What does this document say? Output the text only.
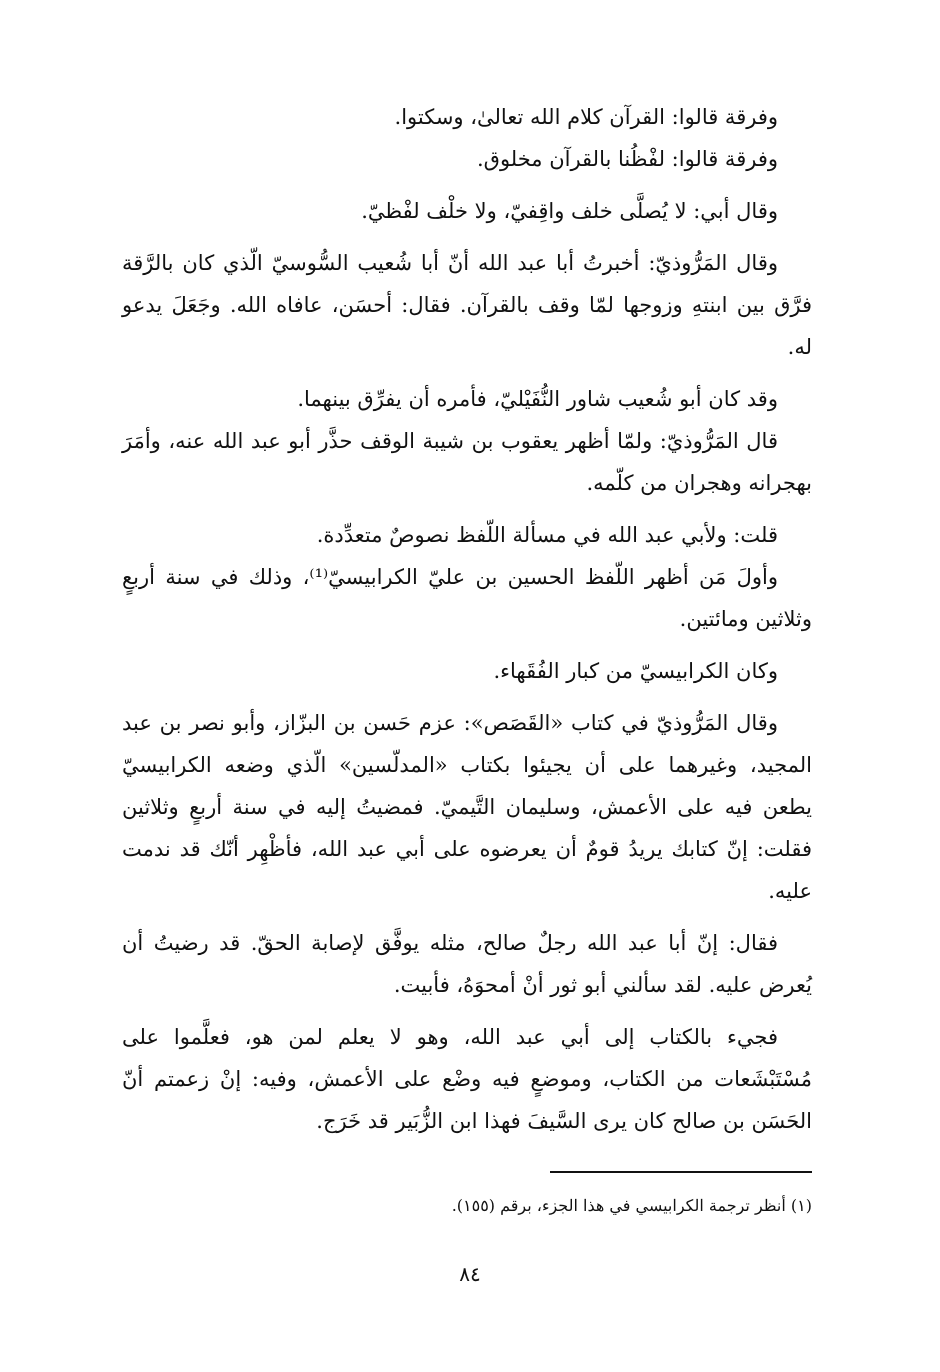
وفرقة قالوا: القرآن كلام الله تعالىٰ، وسكتوا.

وفرقة قالوا: لفْظُنا بالقرآن مخلوق.

وقال أبي: لا يُصلَّى خلف واقِفيّ، ولا خلْف لفْظيّ.

وقال المَرُّوذيّ: أخبرتُ أبا عبد الله أنّ أبا شُعيب السُّوسيّ الّذي كان بالرَّقة فرَّق بين ابنتهِ وزوجها لمّا وقف بالقرآن. فقال: أحسَن، عافاه الله. وجَعَلَ يدعو له.

وقد كان أبو شُعيب شاور النُّفَيْليّ، فأمره أن يفرِّق بينهما.

قال المَرُّوذيّ: ولمّا أظهر يعقوب بن شيبة الوقف حذَّر أبو عبد الله عنه، وأمَرَ بهجرانه وهجران من كلّمه.

قلت: ولأبي عبد الله في مسألة اللّفظ نصوصٌ متعدِّدة.

وأولَ مَن أظهر اللّفظ الحسين بن عليّ الكرابيسيّ⁽¹⁾، وذلك في سنة أربعٍ وثلاثين ومائتين.

وكان الكرابيسيّ من كبار الفُقَهاء.

وقال المَرُّوذيّ في كتاب «القَصَص»: عزم حَسن بن البزّاز، وأبو نصر بن عبد المجيد، وغيرهما على أن يجيئوا بكتاب «المدلّسين» الّذي وضعه الكرابيسيّ يطعن فيه على الأعمش، وسليمان التَّيميّ. فمضيتُ إليه في سنة أربعٍ وثلاثين فقلت: إنّ كتابك يريدُ قومٌ أن يعرضوه على أبي عبد الله، فأظْهِر أنّك قد ندمت عليه.

فقال: إنّ أبا عبد الله رجلٌ صالح، مثله يوفَّق لإصابة الحقّ. قد رضيتُ أن يُعرض عليه. لقد سألني أبو ثور أنْ أمحوَهُ، فأبيت.

فجيء بالكتاب إلى أبي عبد الله، وهو لا يعلم لمن هو، فعلَّموا على مُسْتَبْشَعات من الكتاب، وموضعٍ فيه وضْع على الأعمش، وفيه: إنْ زعمتم أنّ الحَسَن بن صالح كان يرى السَّيفَ فهذا ابن الزُّبَير قد خَرَج.

(١) أنظر ترجمة الكرابيسي في هذا الجزء، برقم (١٥٥).
٨٤
